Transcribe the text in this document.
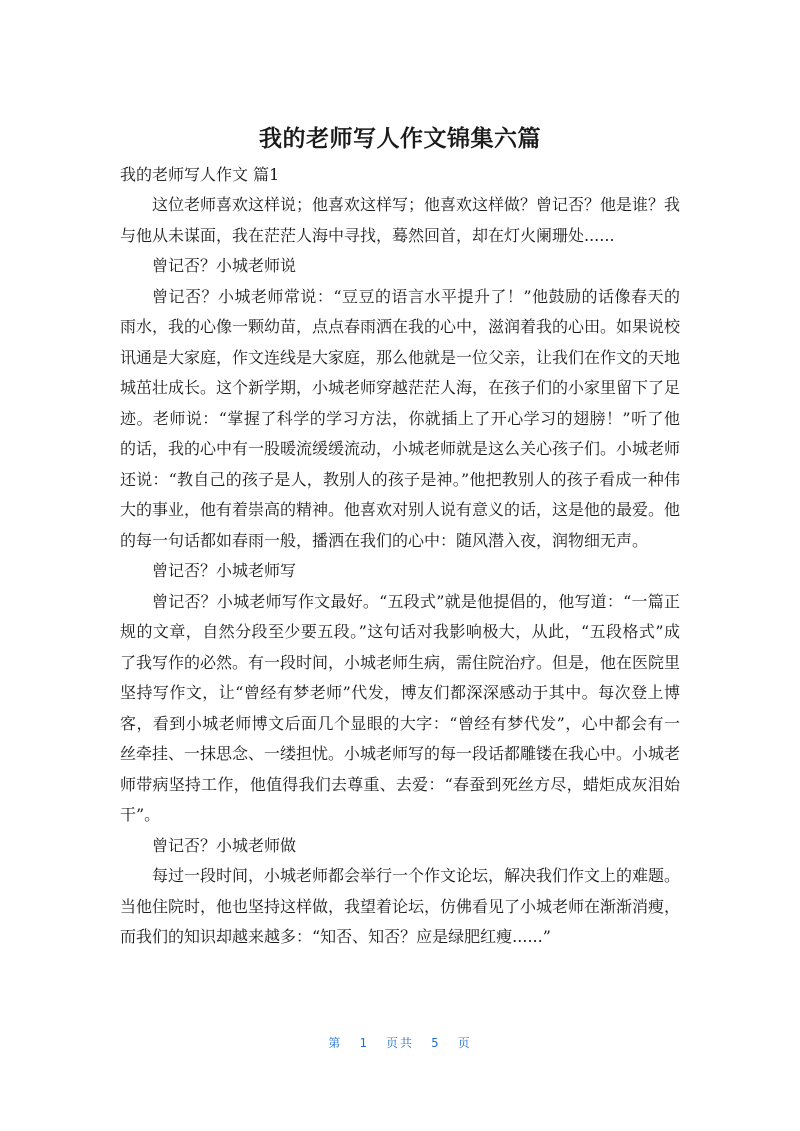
我的老师写人作文锦集六篇
我的老师写人作文 篇1

这位老师喜欢这样说；他喜欢这样写；他喜欢这样做？曾记否？他是谁？我与他从未谋面，我在茫茫人海中寻找，蓦然回首，却在灯火阑珊处......

曾记否？小城老师说

曾记否？小城老师常说：“豆豆的语言水平提升了！”他鼓励的话像春天的雨水，我的心像一颗幼苗，点点春雨洒在我的心中，滋润着我的心田。如果说校讯通是大家庭，作文连线是大家庭，那么他就是一位父亲，让我们在作文的天地城茁壮成长。这个新学期，小城老师穿越茫茫人海，在孩子们的小家里留下了足迹。老师说：“掌握了科学的学习方法，你就插上了开心学习的翅膀！”听了他的话，我的心中有一股暖流缓缓流动，小城老师就是这么关心孩子们。小城老师还说：“教自己的孩子是人，教别人的孩子是神。”他把教别人的孩子看成一种伟大的事业，他有着崇高的精神。他喜欢对别人说有意义的话，这是他的最爱。他的每一句话都如春雨一般，播洒在我们的心中：随风潜入夜，润物细无声。

曾记否？小城老师写

曾记否？小城老师写作文最好。“五段式”就是他提倡的，他写道：“一篇正规的文章，自然分段至少要五段。”这句话对我影响极大，从此，“五段格式”成了我写作的必然。有一段时间，小城老师生病，需住院治疗。但是，他在医院里坚持写作文，让“曾经有梦老师”代发，博友们都深深感动于其中。每次登上博客，看到小城老师博文后面几个显眼的大字：“曾经有梦代发”，心中都会有一丝牵挂、一抹思念、一缕担忧。小城老师写的每一段话都雕镂在我心中。小城老师带病坚持工作，他值得我们去尊重、去爱：“春蚕到死丝方尽，蜡炬成灰泪始干”。

曾记否？小城老师做

每过一段时间，小城老师都会举行一个作文论坛，解决我们作文上的难题。当他住院时，他也坚持这样做，我望着论坛，仿佛看见了小城老师在渐渐消瘦，而我们的知识却越来越多：“知否、知否？应是绿肥红瘦......”

第 1 页共 5 页
